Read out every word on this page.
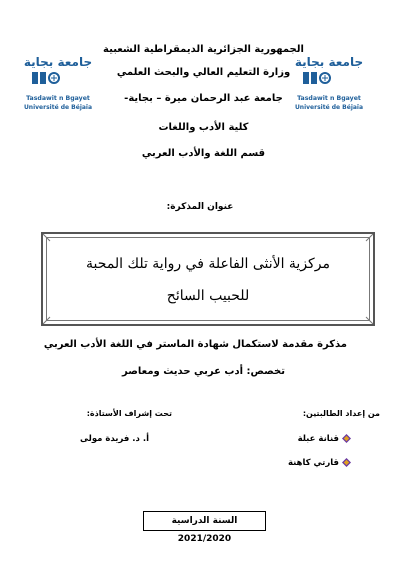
جامعة بجاية
Tasdawit n Bgayet
Université de Béjaïa
جامعة بجاية
Tasdawit n Bgayet
Université de Béjaïa
الجمهورية الجزائرية الديمقراطية الشعبية
وزارة التعليم العالي والبحث العلمي
جامعة عبد الرحمان ميرة – بجاية-
كلية الأدب واللغات
قسم اللغة والأدب العربي
عنوان المذكرة:
مركزية الأنثى الفاعلة في رواية تلك المحبة
للحبيب السائح
مذكرة مقدمة لاستكمال شهادة الماستر في اللغة الأدب العربي
تخصص: أدب عربي حديث ومعاصر
من إعداد الطالبتين:
قنانة عبلة
قارتي كاهنة
تحت إشراف الأستاذة:
أ. د. فريدة مولى
السنة الدراسية 2021/2020
